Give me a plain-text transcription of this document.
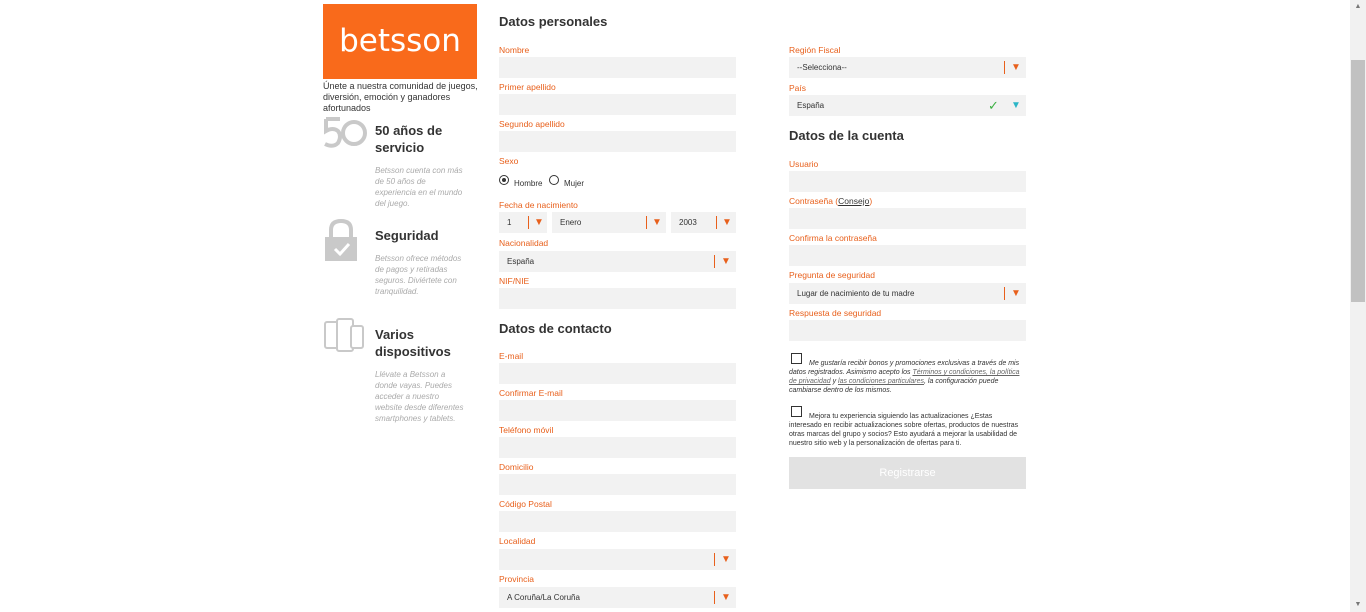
betsson
Únete a nuestra comunidad de juegos, diversión, emoción y ganadores afortunados
50 años de servicio
Betsson cuenta con más de 50 años de experiencia en el mundo del juego.
Seguridad
Betsson ofrece métodos de pagos y retiradas seguros. Diviértete con tranquilidad.
Varios dispositivos
Llévate a Betsson a donde vayas. Puedes acceder a nuestro website desde diferentes smartphones y tablets.
Datos personales
Nombre
Primer apellido
Segundo apellido
Sexo
Hombre	Mujer
Fecha de nacimiento
1 ▼	Enero	▼	2003	▼
Nacionalidad
España	▼
NIF/NIE
Datos de contacto
E-mail
Confirmar E-mail
Teléfono móvil
Domicilio
Código Postal
Localidad
▼
Provincia
A Coruña/La Coruña	▼
Región Fiscal
--Selecciona--	▼
País
España	✓ ▼
Datos de la cuenta
Usuario
Contraseña (Consejo)
Confirma la contraseña
Pregunta de seguridad
Lugar de nacimiento de tu madre	▼
Respuesta de seguridad
Me gustaría recibir bonos y promociones exclusivas a través de mis datos registrados. Asimismo acepto los Términos y condiciones, la política de privacidad y las condiciones particulares, la configuración puede cambiarse dentro de los mismos.
Mejora tu experiencia siguiendo las actualizaciones ¿Estas interesado en recibir actualizaciones sobre ofertas, productos de nuestras otras marcas del grupo y socios? Esto ayudará a mejorar la usabilidad de nuestro sitio web y la personalización de ofertas para ti.
Registrarse
▲
▼
